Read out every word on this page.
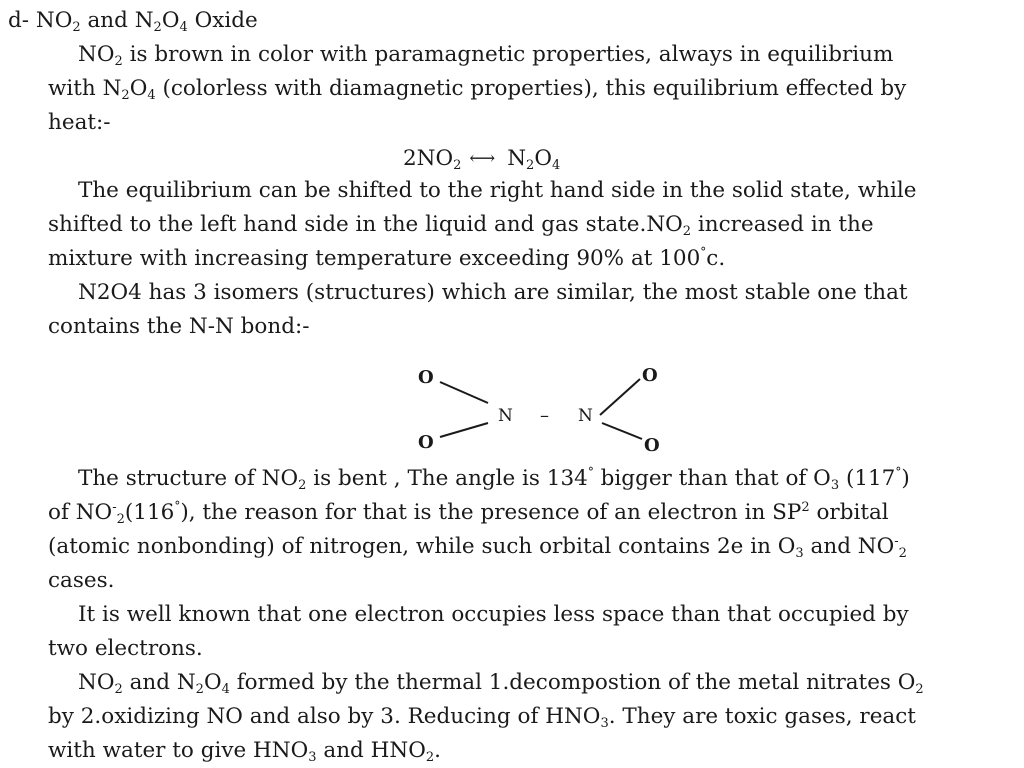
d- $NO_2$ and $N_2O_4$ Oxide
$NO_2$ is brown in color with paramagnetic properties, always in equilibrium
with $N_2O_4$ (colorless with diamagnetic properties), this equilibrium effected by
heat:-
$2NO_2$ ⟷ $N_2O_4$
The equilibrium can be shifted to the right hand side in the solid state, while
shifted to the left hand side in the liquid and gas $state.NO_2$ increased in the
mixture with increasing temperature exceeding 90% at 100°c.
N2O4 has 3 isomers (structures) which are similar, the most stable one that
contains the N-N bond:-
O
O
N – N
O
O
The structure of $NO_2$ is bent , The angle is 134° bigger than that of $O_3$ (117°)
of $NO^-_2(116^\circ)$, the reason for that is the presence of an electron in $SP^2$ orbital
(atomic nonbonding) of nitrogen, while such orbital contains 2e in $O_3$ and $NO^-_2$
cases.
It is well known that one electron occupies less space than that occupied by
two electrons.
$NO_2$ and $N_2O_4$ formed by the thermal 1.decompostion of the metal nitrates $O_2$
by 2.oxidizing NO and also by 3. Reducing of $HNO_3$. They are toxic gases, react
with water to give $HNO_3$ and $HNO_2$.
